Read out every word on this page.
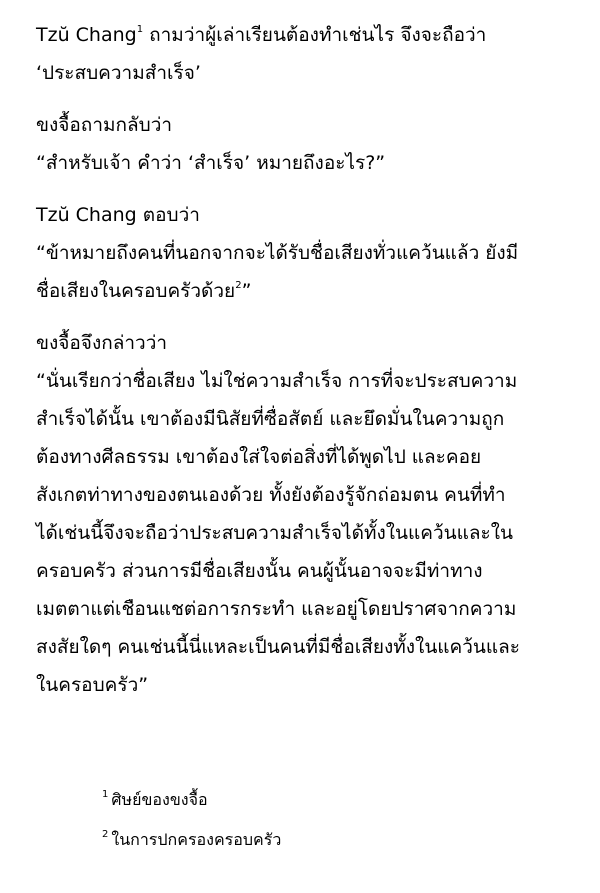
Tzŭ Chang$^1$ ถามว่าผู้เล่าเรียนต้องทำเช่นไร จึงจะถือว่า
‘ประสบความสำเร็จ’
ขงจื้อถามกลับว่า
“สำหรับเจ้า คำว่า ‘สำเร็จ’ หมายถึงอะไร?”
Tzŭ Chang ตอบว่า
“ข้าหมายถึงคนที่นอกจากจะได้รับชื่อเสียงทั่วแคว้นแล้ว ยังมี
ชื่อเสียงในครอบครัวด้วย$^2$”
ขงจื้อจึงกล่าวว่า
“นั่นเรียกว่าชื่อเสียง ไม่ใช่ความสำเร็จ การที่จะประสบความ
สำเร็จได้นั้น เขาต้องมีนิสัยที่ซื่อสัตย์ และยึดมั่นในความถูก
ต้องทางศีลธรรม เขาต้องใส่ใจต่อสิ่งที่ได้พูดไป และคอย
สังเกตท่าทางของตนเองด้วย ทั้งยังต้องรู้จักถ่อมตน คนที่ทำ
ได้เช่นนี้จึงจะถือว่าประสบความสำเร็จได้ทั้งในแคว้นและใน
ครอบครัว ส่วนการมีชื่อเสียงนั้น คนผู้นั้นอาจจะมีท่าทาง
เมตตาแต่เชือนแชต่อการกระทำ และอยู่โดยปราศจากความ
สงสัยใดๆ คนเช่นนี้นี่แหละเป็นคนที่มีชื่อเสียงทั้งในแคว้นและ
ในครอบครัว”
$^1$ ศิษย์ของขงจื้อ
$^2$ ในการปกครองครอบครัว
